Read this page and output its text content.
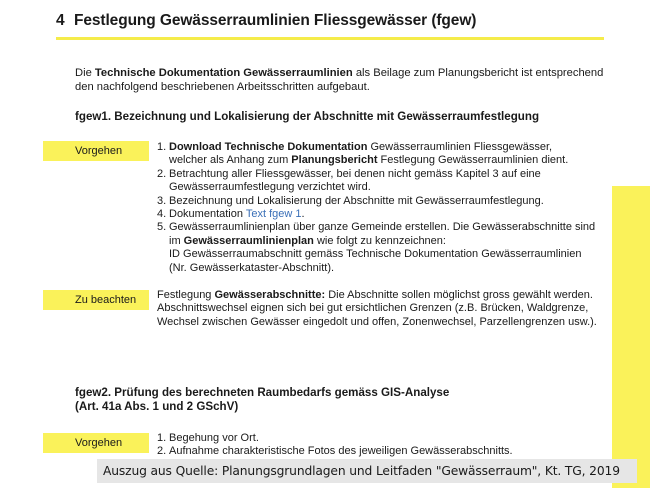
4 Festlegung Gewässerraumlinien Fliessgewässer (fgew)
Die Technische Dokumentation Gewässerraumlinien als Beilage zum Planungsbericht ist entsprechend den nachfolgend beschriebenen Arbeitsschritten aufgebaut.
fgew1. Bezeichnung und Lokalisierung der Abschnitte mit Gewässerraumfestlegung
Vorgehen	1. Download Technische Dokumentation Gewässerraumlinien Fliessgewässer,
welcher als Anhang zum Planungsbericht Festlegung Gewässerraumlinien dient.
2. Betrachtung aller Fliessgewässer, bei denen nicht gemäss Kapitel 3 auf eine Gewässerraumfestlegung verzichtet wird.
3. Bezeichnung und Lokalisierung der Abschnitte mit Gewässerraumfestlegung.
4. Dokumentation Text fgew 1.
5. Gewässerraumlinienplan über ganze Gemeinde erstellen. Die Gewässerabschnitte sind
im Gewässerraumlinienplan wie folgt zu kennzeichnen:
ID Gewässerraumabschnitt gemäss Technische Dokumentation Gewässerraumlinien
(Nr. Gewässerkataster-Abschnitt).
Zu beachten	Festlegung Gewässerabschnitte: Die Abschnitte sollen möglichst gross gewählt werden. Abschnittswechsel eignen sich bei gut ersichtlichen Grenzen (z.B. Brücken, Waldgrenze, Wechsel zwischen Gewässer eingedolt und offen, Zonenwechsel, Parzellengrenzen usw.).
fgew2. Prüfung des berechneten Raumbedarfs gemäss GIS-Analyse
(Art. 41a Abs. 1 und 2 GSchV)
Vorgehen	1. Begehung vor Ort.
2. Aufnahme charakteristische Fotos des jeweiligen Gewässerabschnitts.
Auszug aus Quelle: Planungsgrundlagen und Leitfaden "Gewässerraum", Kt. TG, 2019
